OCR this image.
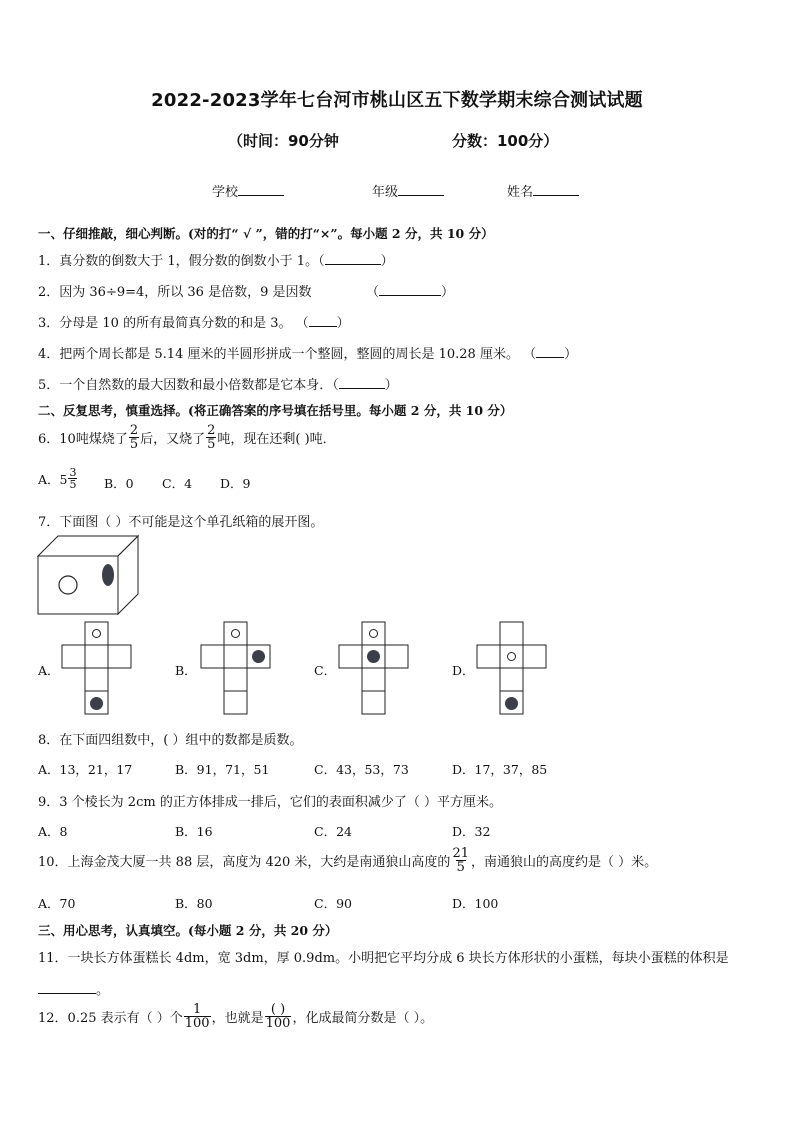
2022-2023学年七台河市桃山区五下数学期末综合测试试题
（时间：90分钟	分数：100分）
学校	年级	姓名
一、仔细推敲，细心判断。(对的打“ √ ”，错的打“×”。每小题 2 分，共 10 分）
1．真分数的倒数大于 1，假分数的倒数小于 1。（	）
2．因为 36÷9=4，所以 36 是倍数，9 是因数	（	）
3．分母是 10 的所有最简真分数的和是 3。 （ ）
4．把两个周长都是 5.14 厘米的半圆形拼成一个整圆，整圆的周长是 10.28 厘米。 （ ）
5．一个自然数的最大因数和最小倍数都是它本身．（	）
二、反复思考，慎重选择。(将正确答案的序号填在括号里。每小题 2 分，共 10 分）
6．10吨煤烧了 $\frac{2}{5}$ 后，又烧了 $\frac{2}{5}$ 吨，现在还剩( )吨．
A．$5 \frac{3}{5}$ B．0 C．4 D．9
7．下面图（ ）不可能是这个单孔纸箱的展开图。
A．	B．	C．	D．
8．在下面四组数中，( ）组中的数都是质数。
A．13，21，17	B．91，71，51	C．43，53，73	D．17，37，85
9．3 个棱长为 2cm 的正方体排成一排后，它们的表面积减少了（ ）平方厘米。
A．8	B．16	C．24	D．32
10．上海金茂大厦一共 88 层，高度为 420 米，大约是南通狼山高度的 $\frac{21}{5}$ ，南通狼山的高度约是（ ）米。
A．70	B．80	C．90	D．100
三、用心思考，认真填空。(每小题 2 分，共 20 分）
11．一块长方体蛋糕长 4dm，宽 3dm，厚 0.9dm。小明把它平均分成 6 块长方体形状的小蛋糕，每块小蛋糕的体积是
。
12．0.25 表示有（ ）个 $\frac{1}{100}$ ，也就是 $\frac{( )}{100}$ ，化成最简分数是（ ）。
